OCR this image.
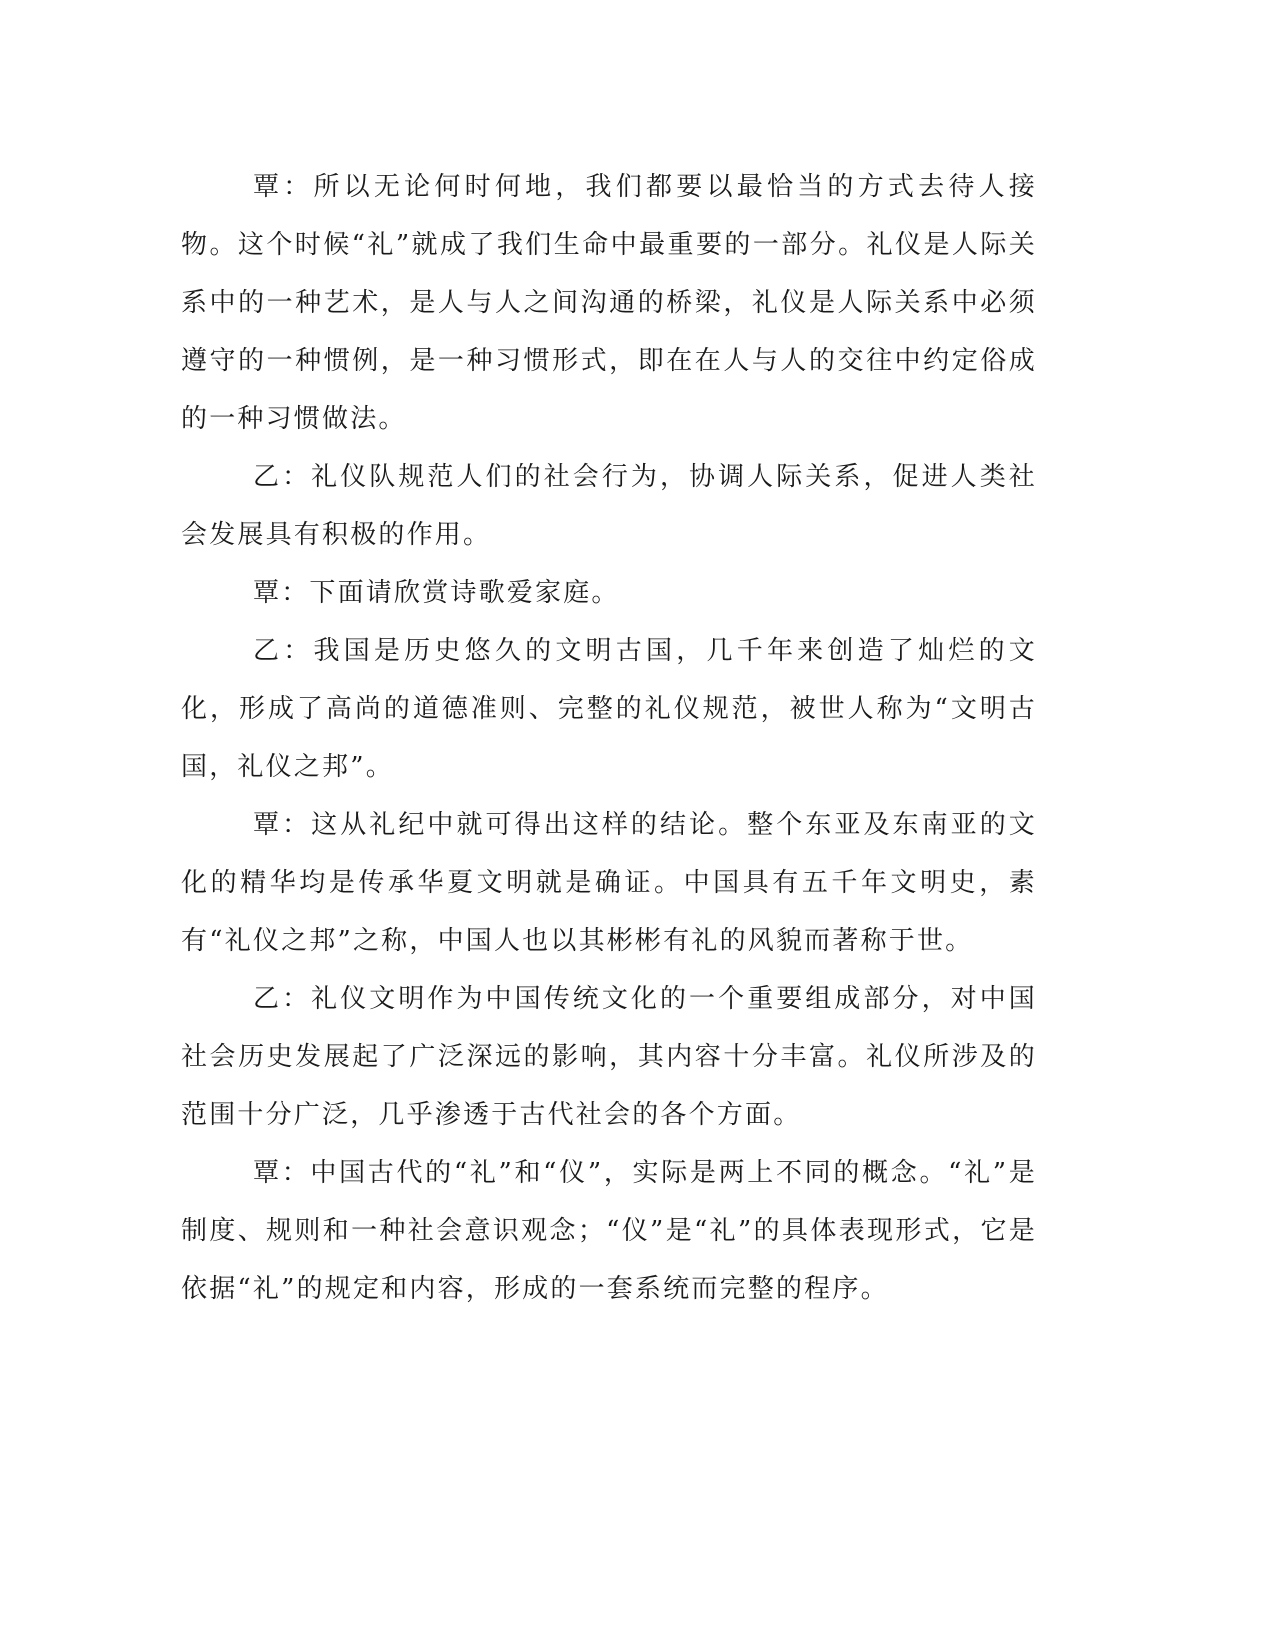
覃：所以无论何时何地，我们都要以最恰当的方式去待人接物。这个时候“礼”就成了我们生命中最重要的一部分。礼仪是人际关系中的一种艺术，是人与人之间沟通的桥梁，礼仪是人际关系中必须遵守的一种惯例，是一种习惯形式，即在在人与人的交往中约定俗成的一种习惯做法。

乙：礼仪队规范人们的社会行为，协调人际关系，促进人类社会发展具有积极的作用。

覃：下面请欣赏诗歌爱家庭。

乙：我国是历史悠久的文明古国，几千年来创造了灿烂的文化，形成了高尚的道德准则、完整的礼仪规范，被世人称为“文明古国，礼仪之邦”。

覃：这从礼纪中就可得出这样的结论。整个东亚及东南亚的文化的精华均是传承华夏文明就是确证。中国具有五千年文明史，素有“礼仪之邦”之称，中国人也以其彬彬有礼的风貌而著称于世。

乙：礼仪文明作为中国传统文化的一个重要组成部分，对中国社会历史发展起了广泛深远的影响，其内容十分丰富。礼仪所涉及的范围十分广泛，几乎渗透于古代社会的各个方面。

覃：中国古代的“礼”和“仪”，实际是两上不同的概念。“礼”是制度、规则和一种社会意识观念；“仪”是“礼”的具体表现形式，它是依据“礼”的规定和内容，形成的一套系统而完整的程序。
